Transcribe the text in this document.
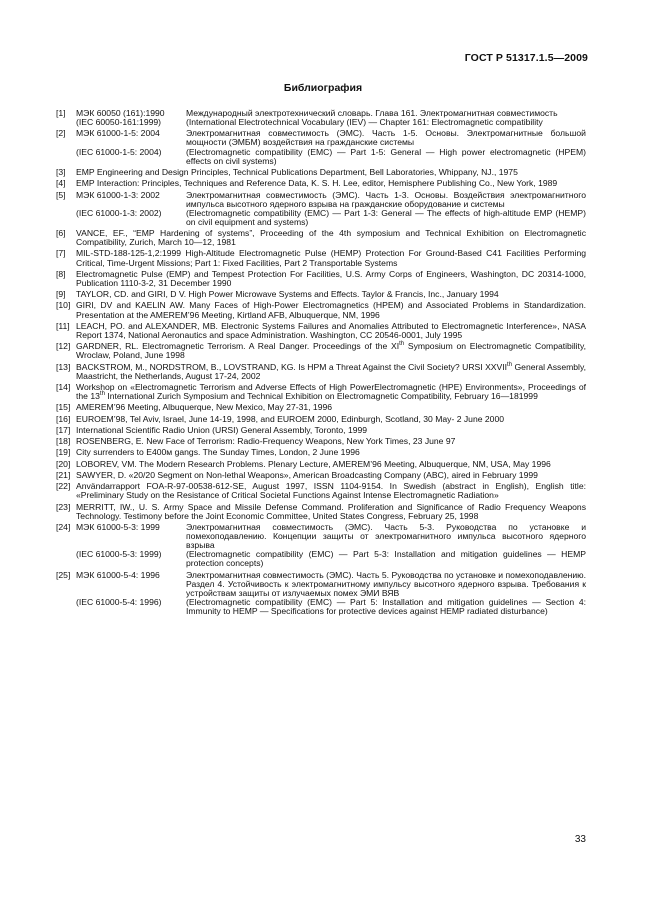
ГОСТ Р 51317.1.5—2009
Библиография
[1] МЭК 60050 (161):1990	Международный электротехнический словарь. Глава 161. Электромагнитная совместимость
(IEC 60050-161:1999)	(International Electrotechnical Vocabulary (IEV) — Chapter 161: Electromagnetic compatibility
[2] МЭК 61000-1-5: 2004	Электромагнитная совместимость (ЭМС). Часть 1-5. Основы. Электромагнитные большой мощности (ЭМБМ) воздействия на гражданские системы
(IEC 61000-1-5: 2004)	(Electromagnetic compatibility (EMC) — Part 1-5: General — High power electromagnetic (HPEM) effects on civil systems)
[3] EMP Engineering and Design Principles, Technical Publications Department, Bell Laboratories, Whippany, NJ., 1975
[4] EMP Interaction: Principles, Techniques and Reference Data, K. S. H. Lee, editor, Hemisphere Publishing Co., New York, 1989
[5] МЭК 61000-1-3: 2002	Электромагнитная совместимость (ЭМС). Часть 1-3. Основы. Воздействия электромагнитного импульса высотного ядерного взрыва на гражданские оборудование и системы
(IEC 61000-1-3: 2002)	(Electromagnetic compatibility (EMC) — Part 1-3: General — The effects of high-altitude EMP (HEMP) on civil equipment and systems)
[6] VANCE, EF., “EMP Hardening of systems”, Proceeding of the 4th symposium and Technical Exhibition on Electromagnetic Compatibility, Zurich, March 10—12, 1981
[7] MIL-STD-188-125-1,2:1999 High-Altitude Electromagnetic Pulse (HEMP) Protection For Ground-Based C41 Facilities Performing Critical, Time-Urgent Missions; Part 1: Fixed Facilities, Part 2 Transportable Systems
[8] Electromagnetic Pulse (EMP) and Tempest Protection For Facilities, U.S. Army Corps of Engineers, Washington, DC 20314-1000, Publication 1110-3-2, 31 December 1990
[9] TAYLOR, CD. and GIRI, D V. High Power Microwave Systems and Effects. Taylor & Francis, Inc., January 1994
[10] GIRI, DV and KAELIN AW. Many Faces of High-Power Electromagnetics (HPEM) and Associated Problems in Standardization. Presentation at the AMEREM’96 Meeting, Kirtland AFB, Albuquerque, NM, 1996
[11] LEACH, PO. and ALEXANDER, MB. Electronic Systems Failures and Anomalies Attributed to Electromagnetic Interference», NASA Report 1374, National Aeronautics and space Administration. Washington, CC 20546-0001, July 1995
[12] GARDNER, RL. Electromagnetic Terrorism. A Real Danger. Proceedings of the XIth Symposium on Electromagnetic Compatibility, Wroclaw, Poland, June 1998
[13] BACKSTROM, M., NORDSTROM, B., LOVSTRAND, KG. Is HPM a Threat Against the Civil Society? URSI XXVIIth General Assembly, Maastricht, the Netherlands, August 17-24, 2002
[14] Workshop on «Electromagnetic Terrorism and Adverse Effects of High PowerElectromagnetic (HPE) Environments», Proceedings of the 13th International Zurich Symposium and Technical Exhibition on Electromagnetic Compatibility, February 16—181999
[15] AMEREM’96 Meeting, Albuquerque, New Mexico, May 27-31, 1996
[16] EUROEM’98, Tel Aviv, Israel, June 14-19, 1998, and EUROEM 2000, Edinburgh, Scotland, 30 May- 2 June 2000
[17] International Scientific Radio Union (URSI) General Assembly, Toronto, 1999
[18] ROSENBERG, E. New Face of Terrorism: Radio-Frequency Weapons, New York Times, 23 June 97
[19] City surrenders to E400м gangs. The Sunday Times, London, 2 June 1996
[20] LOBOREV, VM. The Modern Research Problems. Plenary Lecture, AMEREM’96 Meeting, Albuquerque, NM, USA, May 1996
[21] SAWYER, D. «20/20 Segment on Non-lethal Weapons», American Broadcasting Company (ABC), aired in February 1999
[22] Användarrapport FOA-R-97-00538-612-SE, August 1997, ISSN 1104-9154. In Swedish (abstract in English), English title: «Preliminary Study on the Resistance of Critical Societal Functions Against Intense Electromagnetic Radiation»
[23] MERRITT, IW., U. S. Army Space and Missile Defense Command. Proliferation and Significance of Radio Frequency Weapons Technology. Testimony before the Joint Economic Committee, United States Congress, February 25, 1998
[24] МЭК 61000-5-3: 1999	Электромагнитная совместимость (ЭМС). Часть 5-3. Руководства по установке и помехоподавлению. Концепции защиты от электромагнитного импульса высотного ядерного взрыва
(IEC 61000-5-3: 1999)	(Electromagnetic compatibility (EMC) — Part 5-3: Installation and mitigation guidelines — HEMP protection concepts)
[25] МЭК 61000-5-4: 1996	Электромагнитная совместимость (ЭМС). Часть 5. Руководства по установке и помехоподавлению. Раздел 4. Устойчивость к электромагнитному импульсу высотного ядерного взрыва. Требования к устройствам защиты от излучаемых помех ЭМИ ВЯВ
(IEC 61000-5-4: 1996)	(Electromagnetic compatibility (EMC) — Part 5: Installation and mitigation guidelines — Section 4: Immunity to HEMP — Specifications for protective devices against HEMP radiated disturbance)
33
